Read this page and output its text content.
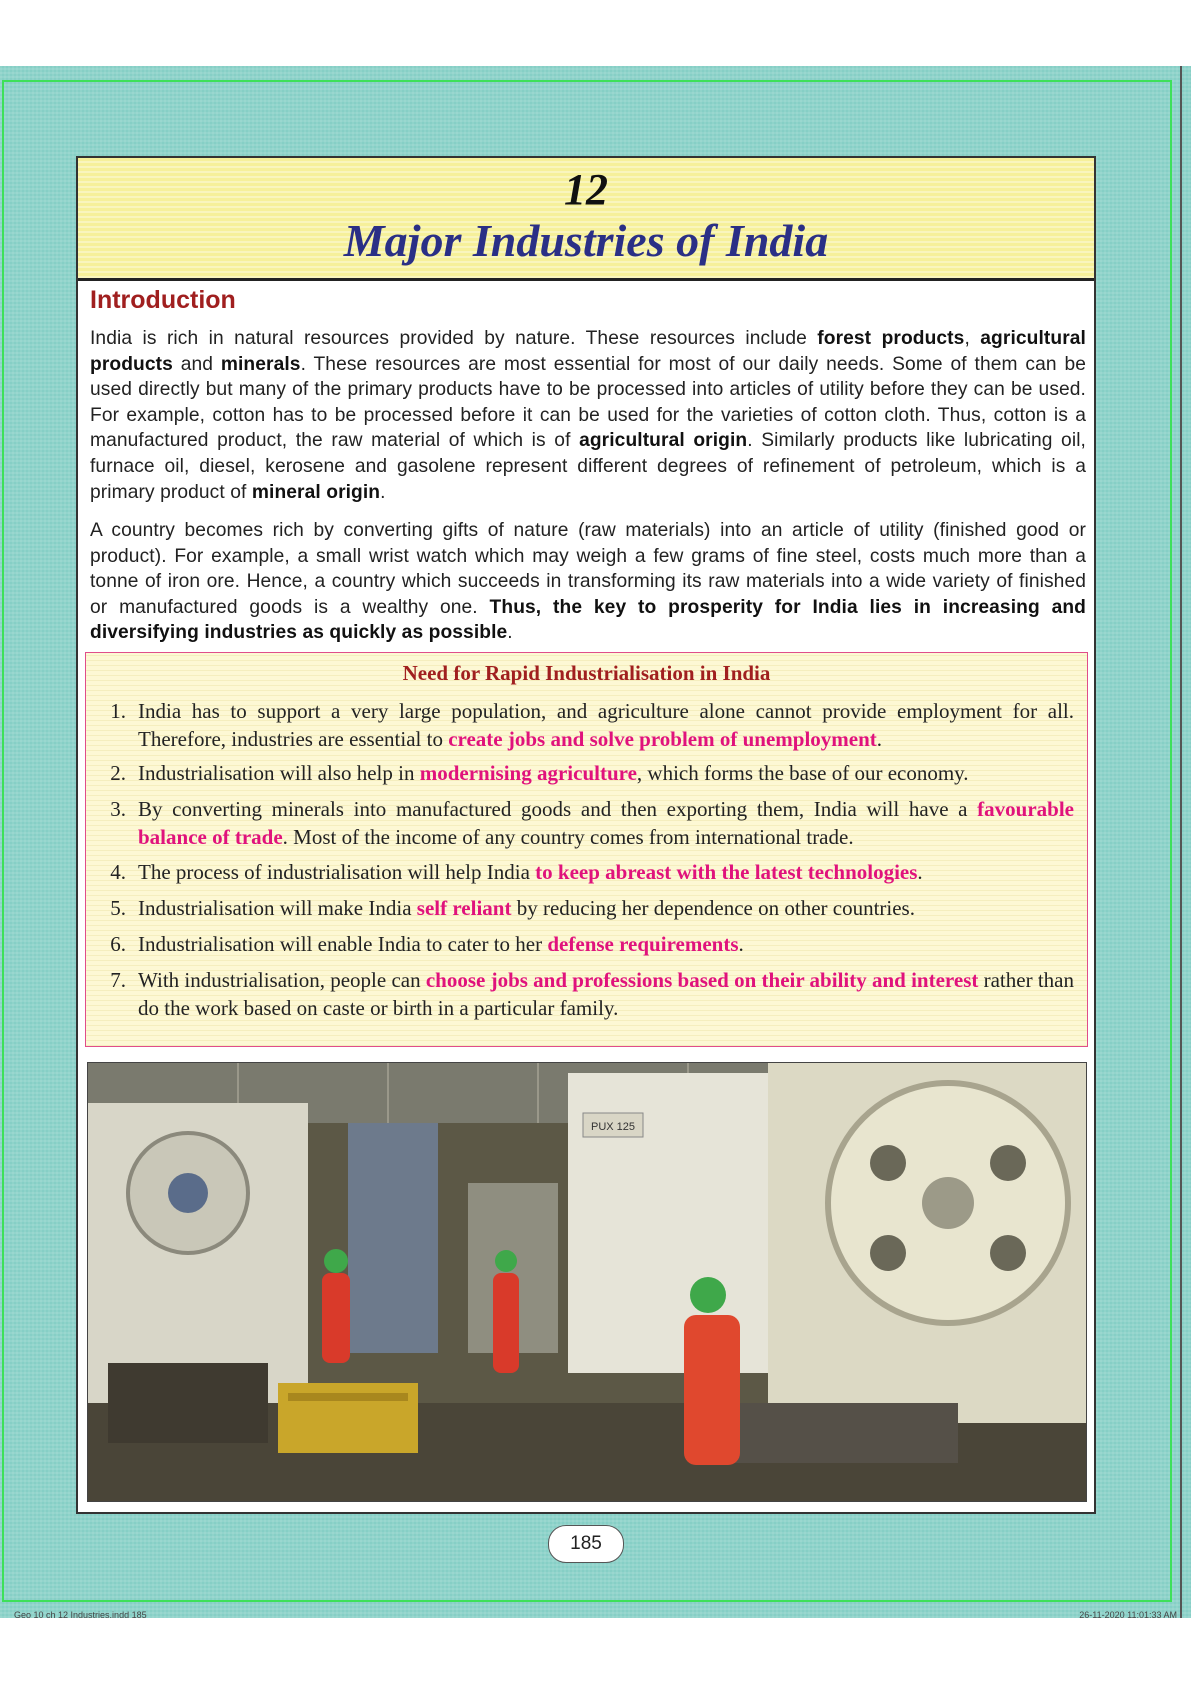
12
Major Industries of India
Introduction
India is rich in natural resources provided by nature. These resources include forest products, agricultural products and minerals. These resources are most essential for most of our daily needs. Some of them can be used directly but many of the primary products have to be processed into articles of utility before they can be used. For example, cotton has to be processed before it can be used for the varieties of cotton cloth. Thus, cotton is a manufactured product, the raw material of which is of agricultural origin. Similarly products like lubricating oil, furnace oil, diesel, kerosene and gasolene represent different degrees of refinement of petroleum, which is a primary product of mineral origin.
A country becomes rich by converting gifts of nature (raw materials) into an article of utility (finished good or product). For example, a small wrist watch which may weigh a few grams of fine steel, costs much more than a tonne of iron ore. Hence, a country which succeeds in transforming its raw materials into a wide variety of finished or manufactured goods is a wealthy one. Thus, the key to prosperity for India lies in increasing and diversifying industries as quickly as possible.
Need for Rapid Industrialisation in India
1. India has to support a very large population, and agriculture alone cannot provide employment for all. Therefore, industries are essential to create jobs and solve problem of unemployment.
2. Industrialisation will also help in modernising agriculture, which forms the base of our economy.
3. By converting minerals into manufactured goods and then exporting them, India will have a favourable balance of trade. Most of the income of any country comes from international trade.
4. The process of industrialisation will help India to keep abreast with the latest technologies.
5. Industrialisation will make India self reliant by reducing her dependence on other countries.
6. Industrialisation will enable India to cater to her defense requirements.
7. With industrialisation, people can choose jobs and professions based on their ability and interest rather than do the work based on caste or birth in a particular family.
PUX 125
185
Geo 10 ch 12 Industries.indd 185	26-11-2020 11:01:33 AM
